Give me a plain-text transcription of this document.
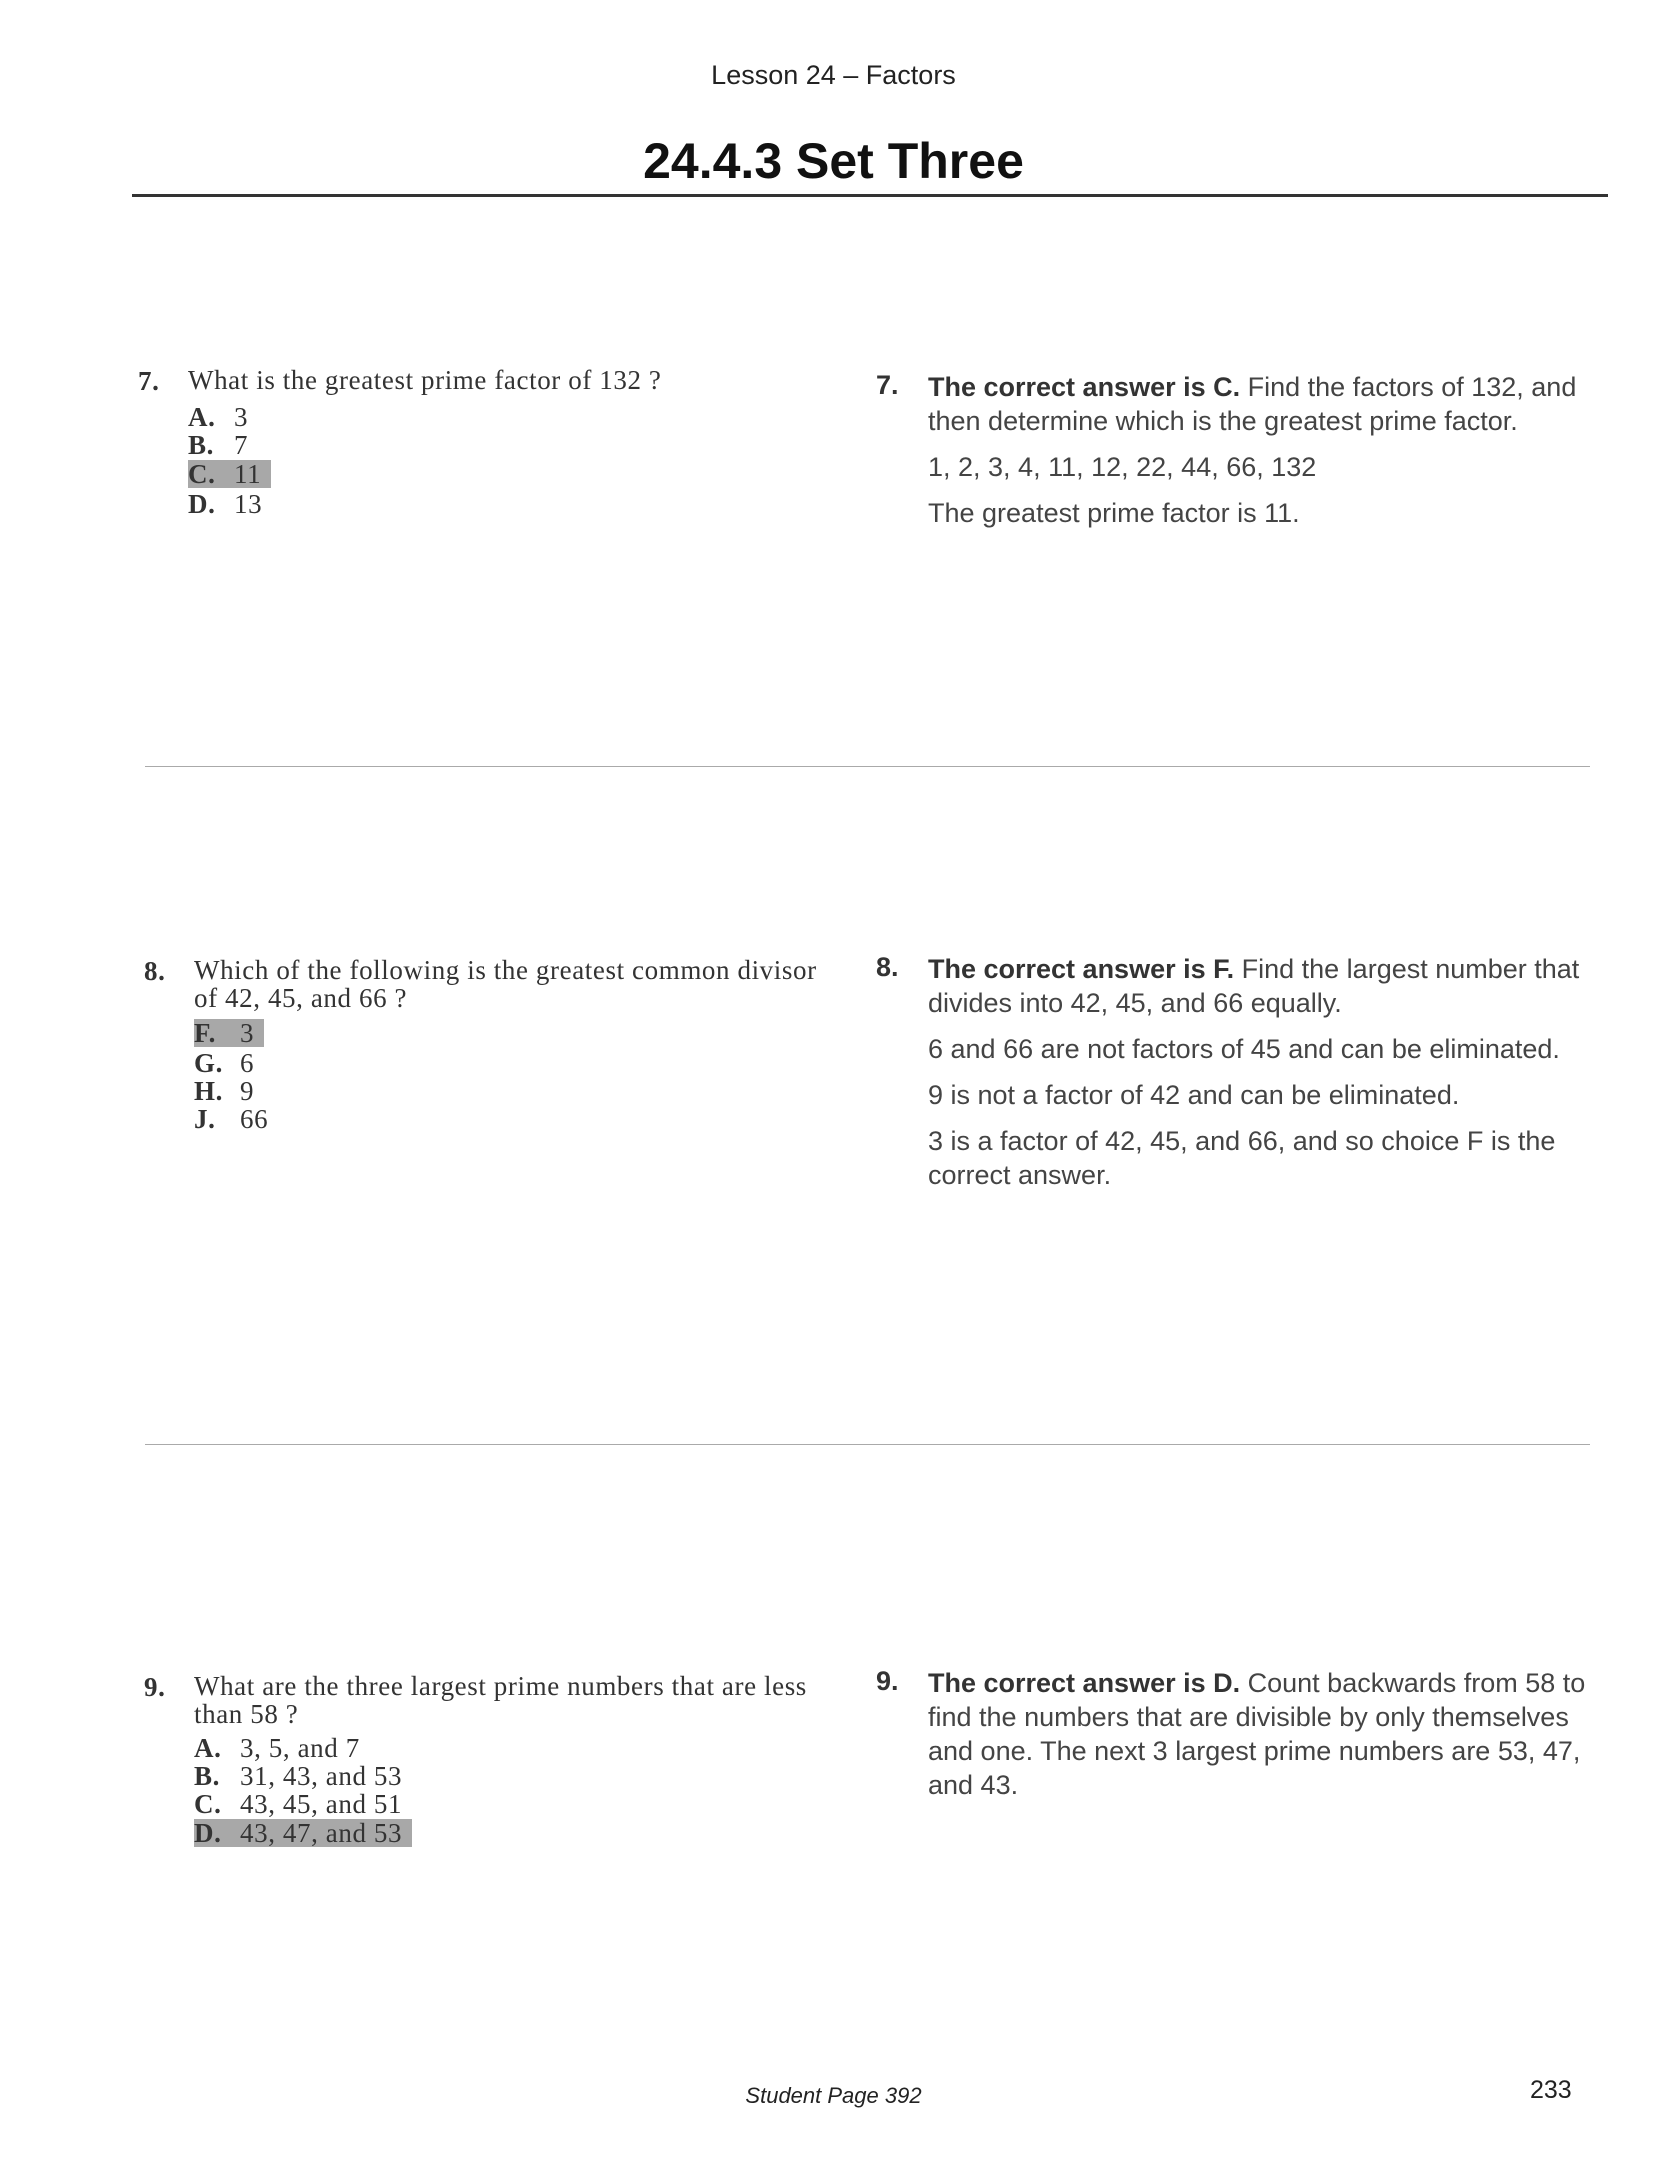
Lesson 24 – Factors
24.4.3 Set Three
7.	What is the greatest prime factor of 132 ?
A. 3
B. 7
C. 11
D. 13
7.	The correct answer is C. Find the factors of 132, and then determine which is the greatest prime factor.
1, 2, 3, 4, 11, 12, 22, 44, 66, 132
The greatest prime factor is 11.
8.	Which of the following is the greatest common divisor of 42, 45, and 66 ?
F. 3
G. 6
H. 9
J. 66
8.	The correct answer is F. Find the largest number that divides into 42, 45, and 66 equally.
6 and 66 are not factors of 45 and can be eliminated.
9 is not a factor of 42 and can be eliminated.
3 is a factor of 42, 45, and 66, and so choice F is the correct answer.
9.	What are the three largest prime numbers that are less than 58 ?
A. 3, 5, and 7
B. 31, 43, and 53
C. 43, 45, and 51
D. 43, 47, and 53
9.	The correct answer is D. Count backwards from 58 to find the numbers that are divisible by only themselves and one. The next 3 largest prime numbers are 53, 47, and 43.
Student Page 392	233
